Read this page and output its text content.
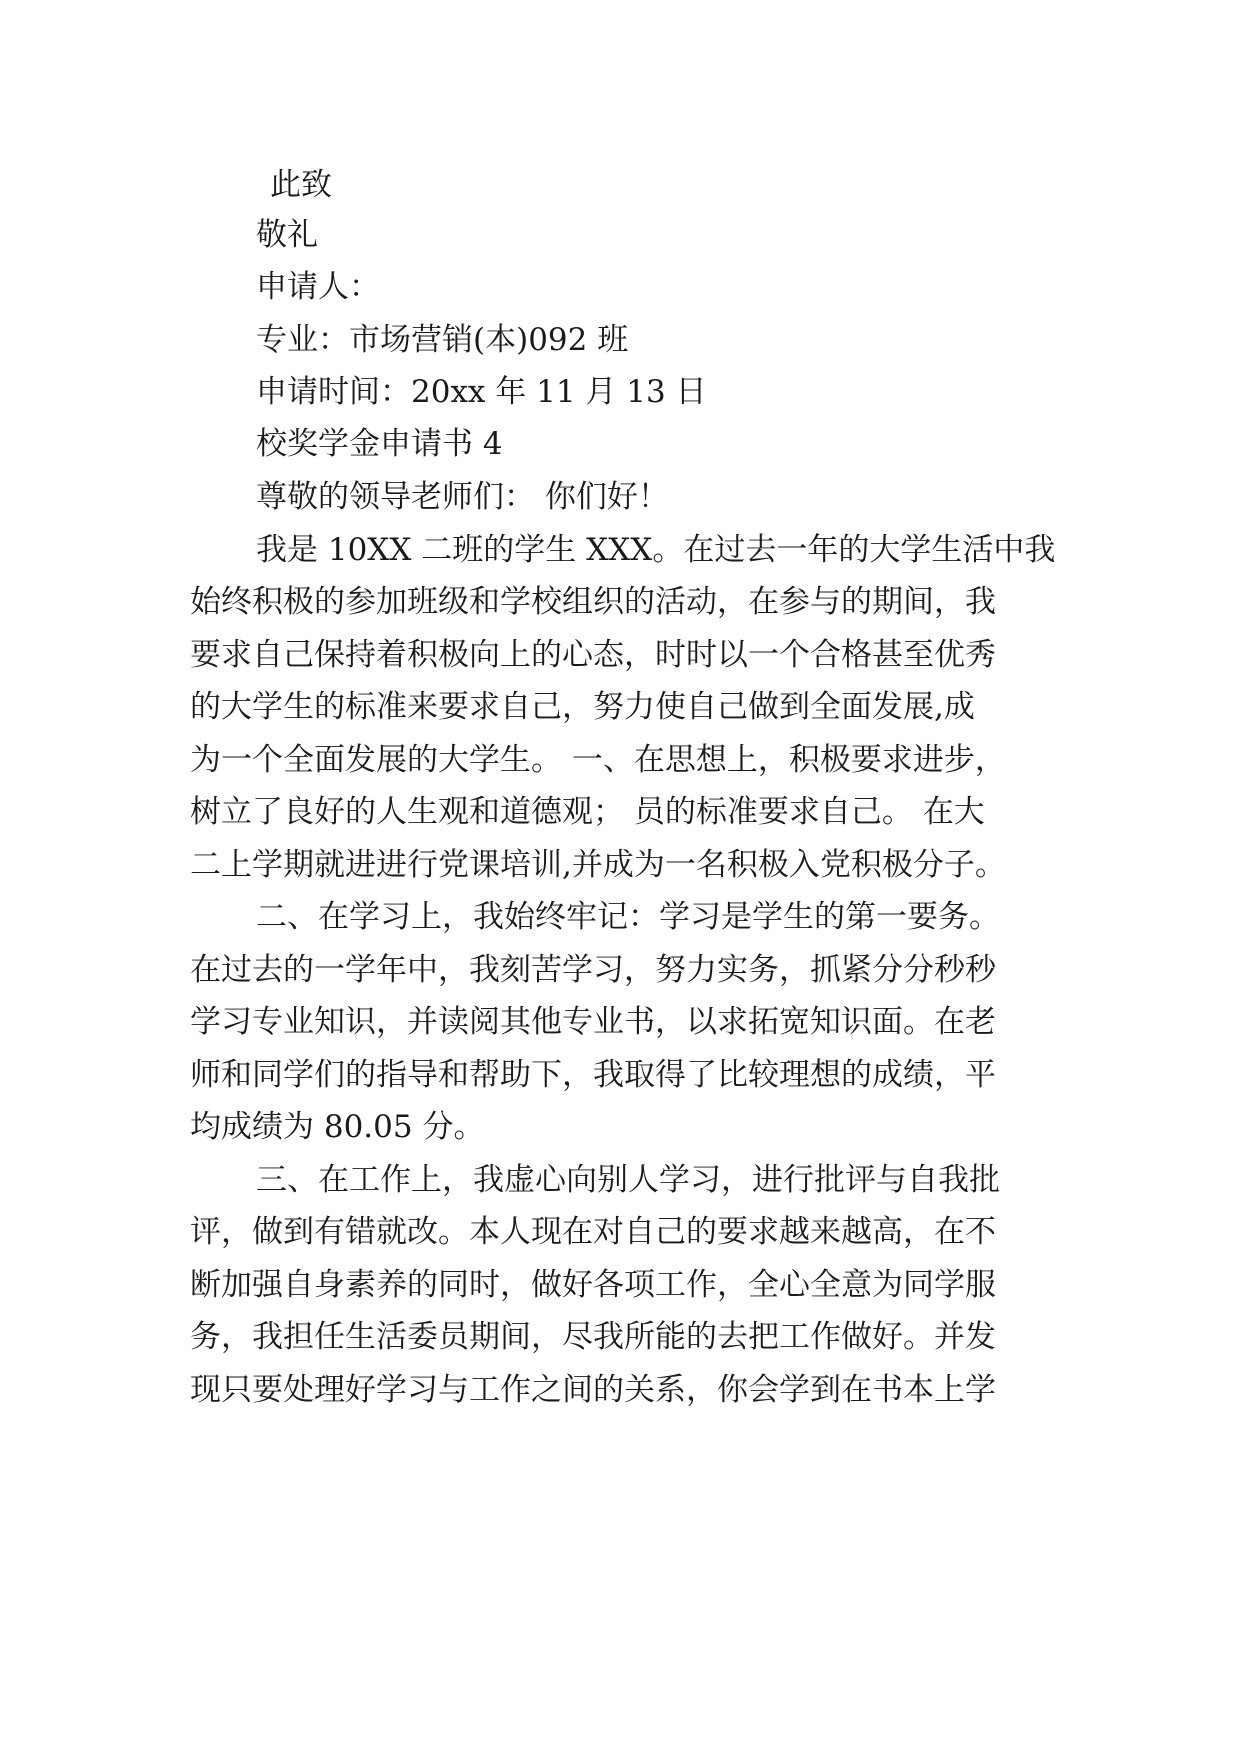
此致
敬礼
申请人：
专业：市场营销(本)092 班
申请时间：20xx 年 11 月 13 日
校奖学金申请书 4
尊敬的领导老师们： 你们好！
我是 10XX 二班的学生 XXX。在过去一年的大学生活中我
始终积极的参加班级和学校组织的活动，在参与的期间，我
要求自己保持着积极向上的心态，时时以一个合格甚至优秀
的大学生的标准来要求自己，努力使自己做到全面发展,成
为一个全面发展的大学生。 一、在思想上，积极要求进步，
树立了良好的人生观和道德观； 员的标准要求自己。 在大
二上学期就进进行党课培训,并成为一名积极入党积极分子。
二、在学习上，我始终牢记：学习是学生的第一要务。
在过去的一学年中，我刻苦学习，努力实务，抓紧分分秒秒
学习专业知识，并读阅其他专业书，以求拓宽知识面。在老
师和同学们的指导和帮助下，我取得了比较理想的成绩，平
均成绩为 80.05 分。
三、在工作上，我虚心向别人学习，进行批评与自我批
评，做到有错就改。本人现在对自己的要求越来越高，在不
断加强自身素养的同时，做好各项工作，全心全意为同学服
务，我担任生活委员期间，尽我所能的去把工作做好。并发
现只要处理好学习与工作之间的关系，你会学到在书本上学
